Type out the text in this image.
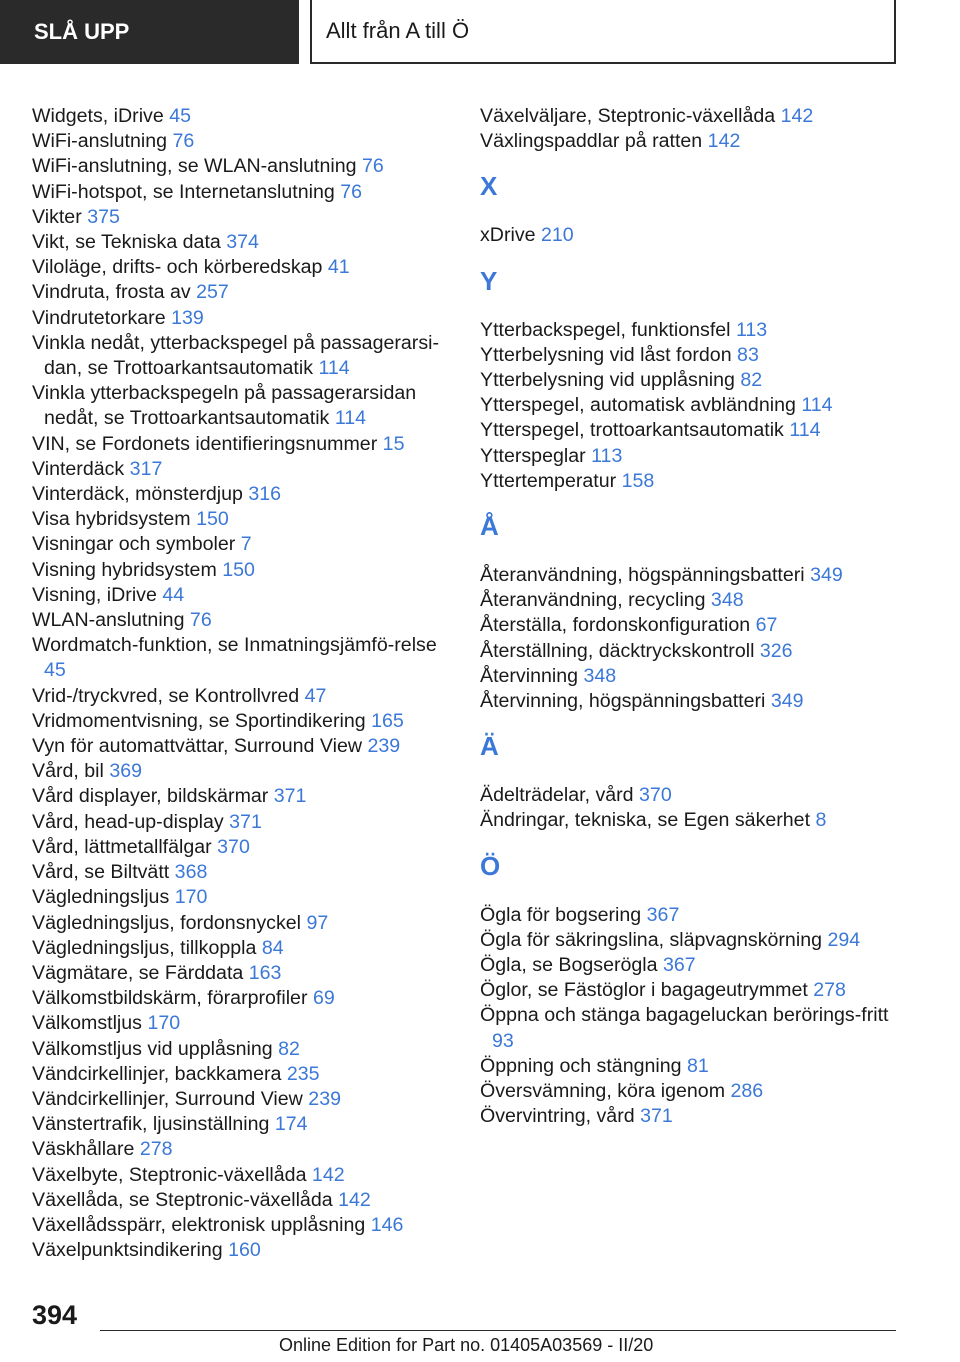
SLÅ UPP	Allt från A till Ö
Widgets, iDrive 45
WiFi-anslutning 76
WiFi-anslutning, se WLAN-anslutning 76
WiFi-hotspot, se Internetanslutning 76
Vikter 375
Vikt, se Tekniska data 374
Viloläge, drifts- och körberedskap 41
Vindruta, frosta av 257
Vindrutetorkare 139
Vinkla nedåt, ytterbackspegel på passagerarsi-dan, se Trottoarkantsautomatik 114
Vinkla ytterbackspegeln på passagerarsidan nedåt, se Trottoarkantsautomatik 114
VIN, se Fordonets identifieringsnummer 15
Vinterdäck 317
Vinterdäck, mönsterdjup 316
Visa hybridsystem 150
Visningar och symboler 7
Visning hybridsystem 150
Visning, iDrive 44
WLAN-anslutning 76
Wordmatch-funktion, se Inmatningsjämfö-relse 45
Vrid-/tryckvred, se Kontrollvred 47
Vridmomentvisning, se Sportindikering 165
Vyn för automattvättar, Surround View 239
Vård, bil 369
Vård displayer, bildskärmar 371
Vård, head-up-display 371
Vård, lättmetallfälgar 370
Vård, se Biltvätt 368
Vägledningsljus 170
Vägledningsljus, fordonsnyckel 97
Vägledningsljus, tillkoppla 84
Vägmätare, se Färddata 163
Välkomstbildskärm, förarprofiler 69
Välkomstljus 170
Välkomstljus vid upplåsning 82
Vändcirkellinjer, backkamera 235
Vändcirkellinjer, Surround View 239
Vänstertrafik, ljusinställning 174
Väskhållare 278
Växelbyte, Steptronic-växellåda 142
Växellåda, se Steptronic-växellåda 142
Växellådsspärr, elektronisk upplåsning 146
Växelpunktsindikering 160
Växelväljare, Steptronic-växellåda 142
Växlingspaddlar på ratten 142
X
xDrive 210
Y
Ytterbackspegel, funktionsfel 113
Ytterbelysning vid låst fordon 83
Ytterbelysning vid upplåsning 82
Ytterspegel, automatisk avbländning 114
Ytterspegel, trottoarkantsautomatik 114
Ytterspeglar 113
Yttertemperatur 158
Å
Återanvändning, högspänningsbatteri 349
Återanvändning, recycling 348
Återställa, fordonskonfiguration 67
Återställning, däcktryckskontroll 326
Återvinning 348
Återvinning, högspänningsbatteri 349
Ä
Ädelträdelar, vård 370
Ändringar, tekniska, se Egen säkerhet 8
Ö
Ögla för bogsering 367
Ögla för säkringslina, släpvagnskörning 294
Ögla, se Bogserögla 367
Öglor, se Fästöglor i bagageutrymmet 278
Öppna och stänga bagageluckan berörings-fritt 93
Öppning och stängning 81
Översvämning, köra igenom 286
Övervintring, vård 371
394
Online Edition for Part no. 01405A03569 - II/20
